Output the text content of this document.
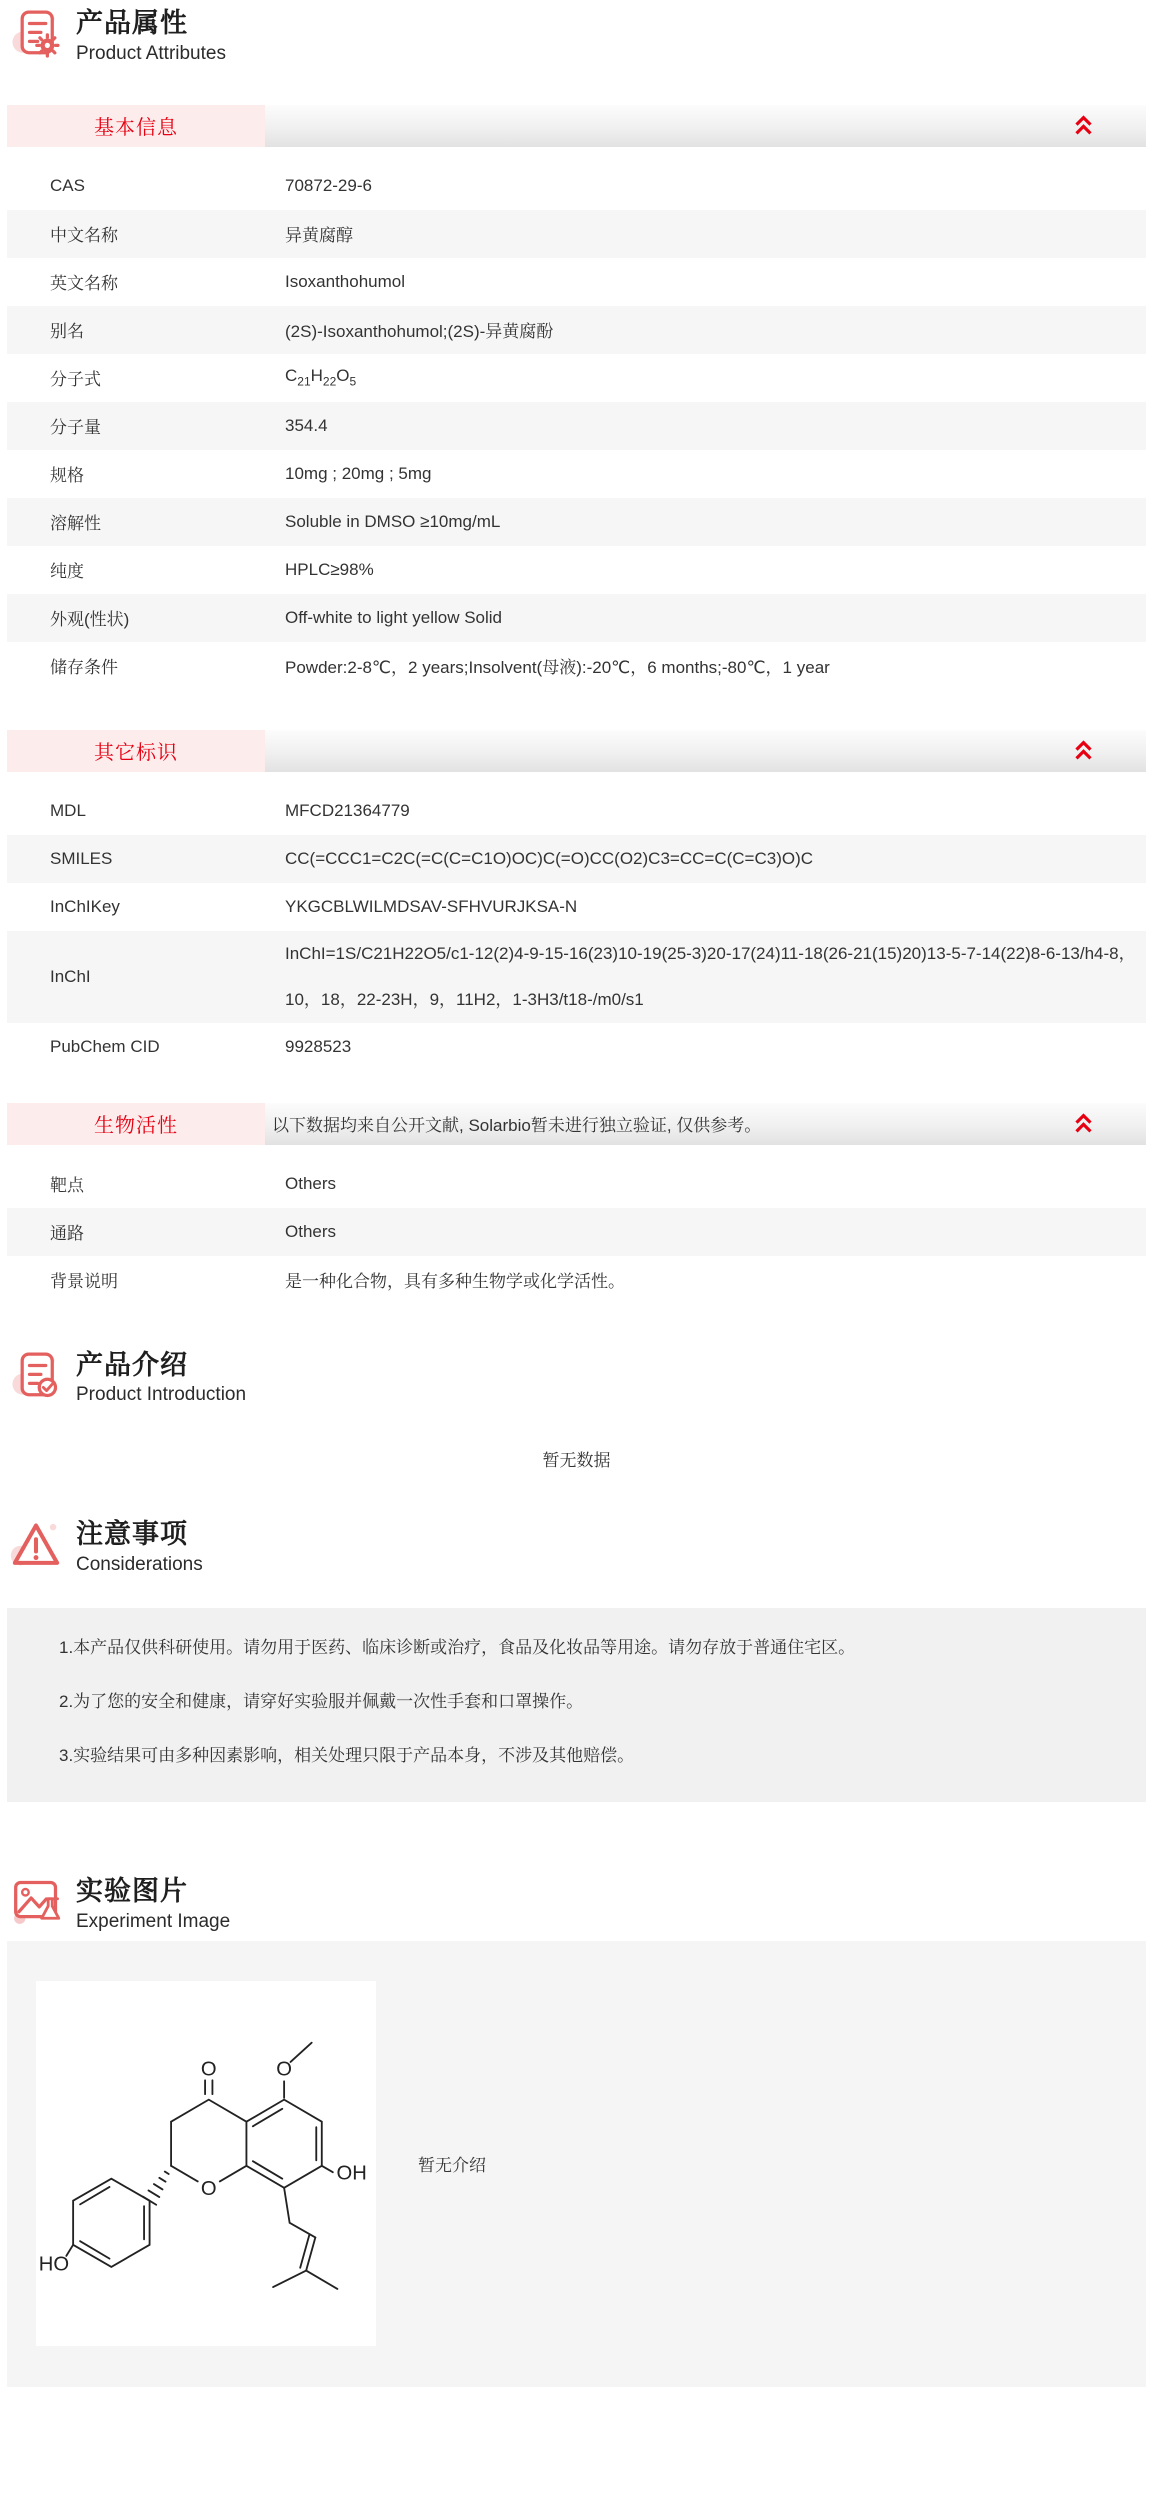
产品属性
Product Attributes
基本信息
CAS	70872-29-6
中文名称	异黄腐醇
英文名称	Isoxanthohumol
别名	(2S)-Isoxanthohumol;(2S)-异黄腐酚
分子式	$C_{21}H_{22}O_5$
分子量	354.4
规格	10mg ; 20mg ; 5mg
溶解性	Soluble in DMSO ≥10mg/mL
纯度	HPLC≥98%
外观(性状)	Off-white to light yellow Solid
储存条件	Powder:2-8℃，2 years;Insolvent(母液):-20℃，6 months;-80℃，1 year
其它标识
MDL	MFCD21364779
SMILES	CC(=CCC1=C2C(=C(C=C1O)OC)C(=O)CC(O2)C3=CC=C(C=C3)O)C
InChIKey	YKGCBLWILMDSAV-SFHVURJKSA-N
InChI
InChI=1S/C21H22O5/c1-12(2)4-9-15-16(23)10-19(25-3)20-17(24)11-18(26-21(15)20)13-5-7-14(22)8-6-13/h4-8，10，18，22-23H，9，11H2，1-3H3/t18-/m0/s1
PubChem CID	9928523
生物活性	以下数据均来自公开文献, Solarbio暂未进行独立验证, 仅供参考。
靶点	Others
通路	Others
背景说明	是一种化合物，具有多种生物学或化学活性。
产品介绍
Product Introduction
暂无数据
注意事项
Considerations

1.本产品仅供科研使用。请勿用于医药、临床诊断或治疗，食品及化妆品等用途。请勿存放于普通住宅区。

2.为了您的安全和健康，请穿好实验服并佩戴一次性手套和口罩操作。

3.实验结果可由多种因素影响，相关处理只限于产品本身，不涉及其他赔偿。

实验图片
Experiment Image
O	O
O
OH
HO
暂无介绍
